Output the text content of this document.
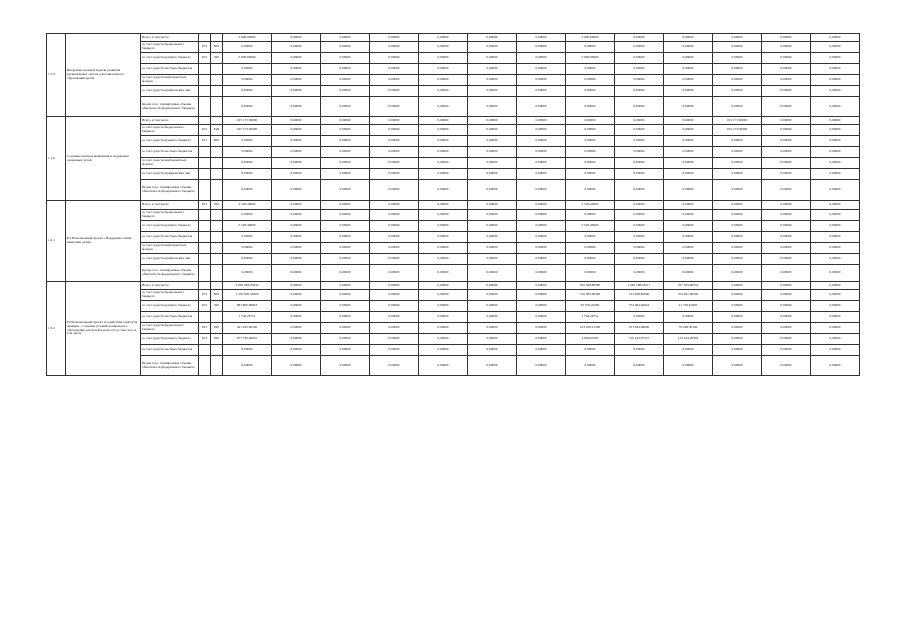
1.1.5	Внедрение целевой модели развития региональных систем дополнительного образования детей	Всего, в том числе			5 000,00000	0,00000	0,00000	0,00000	0,00000	0,00000	0,00000	5 000,00000	0,00000	0,00000	0,00000	0,00000	0,00000
		за счет средств федерального бюджета	813	В01	0,00000	0,00000	0,00000	0,00000	0,00000	0,00000	0,00000	0,00000	0,00000	0,00000	0,00000	0,00000	0,00000
		за счет средств краевого бюджета	813	020	5 000,00000	0,00000	0,00000	0,00000	0,00000	0,00000	0,00000	5 000,00000	0,00000	0,00000	0,00000	0,00000	0,00000
		за счет средств местных бюджетов			0,00000	0,00000	0,00000	0,00000	0,00000	0,00000	0,00000	0,00000	0,00000	0,00000	0,00000	0,00000	0,00000
		за счет средств внебюджетных фондов			0,00000	0,00000	0,00000	0,00000	0,00000	0,00000	0,00000	0,00000	0,00000	0,00000	0,00000	0,00000	0,00000
		за счет средств юридических лиц			0,00000	0,00000	0,00000	0,00000	0,00000	0,00000	0,00000	0,00000	0,00000	0,00000	0,00000	0,00000	0,00000
		Кроме того, планируемые объемы обязательств федерального бюджета			0,00000	0,00000	0,00000	0,00000	0,00000	0,00000	0,00000	0,00000	0,00000	0,00000	0,00000	0,00000	0,00000
1.1.6	Создание центров выявления и поддержки одаренных детей	Всего, в том числе			195 173,30000	0,00000	0,00000	0,00000	0,00000	0,00000	0,00000	0,00000	0,00000	0,00000	195 173,30000	0,00000	0,00000
		за счет средств федерального бюджета	813	Е20	195 173,30000	0,00000	0,00000	0,00000	0,00000	0,00000	0,00000	0,00000	0,00000	0,00000	195 173,30000	0,00000	0,00000
		за счет средств краевого бюджета	813	В01	0,00000	0,00000	0,00000	0,00000	0,00000	0,00000	0,00000	0,00000	0,00000	0,00000	0,00000	0,00000	0,00000
		за счет средств местных бюджетов			0,00000	0,00000	0,00000	0,00000	0,00000	0,00000	0,00000	0,00000	0,00000	0,00000	0,00000	0,00000	0,00000
		за счет средств внебюджетных фондов			0,00000	0,00000	0,00000	0,00000	0,00000	0,00000	0,00000	0,00000	0,00000	0,00000	0,00000	0,00000	0,00000
		за счет средств юридических лиц			0,00000	0,00000	0,00000	0,00000	0,00000	0,00000	0,00000	0,00000	0,00000	0,00000	0,00000	0,00000	0,00000
		Кроме того, планируемые объемы обязательств федерального бюджета			0,00000	0,00000	0,00000	0,00000	0,00000	0,00000	0,00000	0,00000	0,00000	0,00000	0,00000	0,00000	0,00000
1.2.1	Е3 Региональный проект «Поддержка семей, имеющих детей»	Всего, в том числе	813	020	5 526,40000	0,00000	0,00000	0,00000	0,00000	0,00000	0,00000	5 526,40000	0,00000	0,00000	0,00000	0,00000	0,00000
		за счет средств федерального бюджета			0,00000	0,00000	0,00000	0,00000	0,00000	0,00000	0,00000	0,00000	0,00000	0,00000	0,00000	0,00000	0,00000
		за счет средств краевого бюджета			5 526,40000	0,00000	0,00000	0,00000	0,00000	0,00000	0,00000	5 526,40000	0,00000	0,00000	0,00000	0,00000	0,00000
		за счет средств местных бюджетов			0,00000	0,00000	0,00000	0,00000	0,00000	0,00000	0,00000	0,00000	0,00000	0,00000	0,00000	0,00000	0,00000
		за счет средств внебюджетных фондов			0,00000	0,00000	0,00000	0,00000	0,00000	0,00000	0,00000	0,00000	0,00000	0,00000	0,00000	0,00000	0,00000
		за счет средств юридических лиц			0,00000	0,00000	0,00000	0,00000	0,00000	0,00000	0,00000	0,00000	0,00000	0,00000	0,00000	0,00000	0,00000
		Кроме того, планируемые объемы обязательств федерального бюджета			0,00000	0,00000	0,00000	0,00000	0,00000	0,00000	0,00000	0,00000	0,00000	0,00000	0,00000	0,00000	0,00000
1.3.2	Р2 Региональный проект «Содействие занятости женщин – создание условий дошкольного образования для детей в возрасте до трех лет» в том числе	Всего, в том числе			2 092 983,25934	0,00000	0,00000	0,00000	0,00000	0,00000	0,00000	610 368,89385	1 065 188,22017	557 393,96532	0,00000	0,00000	0,00000
		за счет средств федерального бюджета	813	В01	1 335 826,54800	0,00000	0,00000	0,00000	0,00000	0,00000	0,00000	516 383,00400	141 408,82000	354 261,90200	0,00000	0,00000	0,00000
		за счет средств краевого бюджета	813	020	683 806,96823	0,00000	0,00000	0,00000	0,00000	0,00000	0,00000	95 979,24300	574 094,04616	21 736,61905	0,00000	0,00000	0,00000
		за счет средств местных бюджетов			1 746,26751	0,00000	0,00000	0,00000	0,00000	0,00000	0,00000	1 746,26751	0,00000	0,00000	0,00000	0,00000	0,00000
		за счет средств федерального бюджета	813	020	421 263,60100	0,00000	0,00000	0,00000	0,00000	0,00000	0,00000	163 209,21300	251 834,08000	76 208,30100	0,00000	0,00000	0,00000
		за счет средств краевого бюджета	813	020	677 730,46010	0,00000	0,00000	0,00000	0,00000	0,00000	0,00000	4 636,65385	510 243,97537	123 424,29592	0,00000	0,00000	0,00000
		за счет средств местных бюджетов			0,00000	0,00000	0,00000	0,00000	0,00000	0,00000	0,00000	0,00000	0,00000	0,00000	0,00000	0,00000	0,00000
		Кроме того, планируемые объемы обязательств федерального бюджета			0,00000	0,00000	0,00000	0,00000	0,00000	0,00000	0,00000	0,00000	0,00000	0,00000	0,00000	0,00000	0,00000
